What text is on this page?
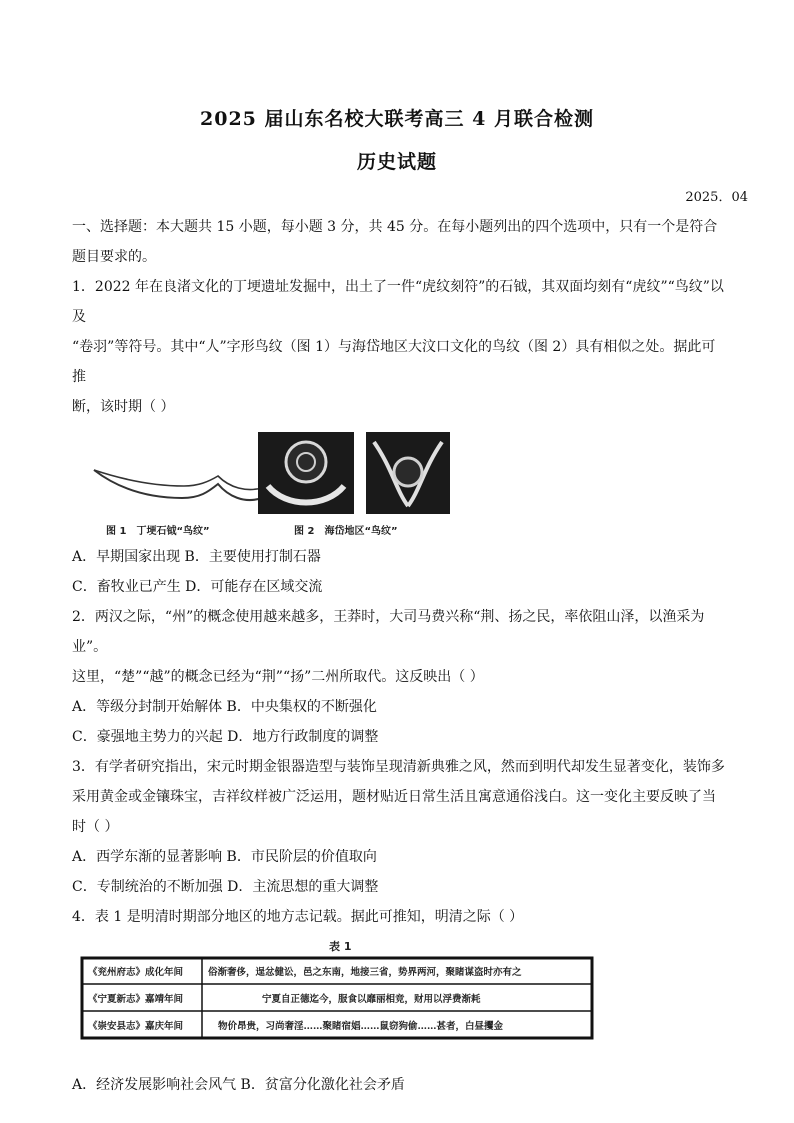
2025 届山东名校大联考高三 4 月联合检测
历史试题
2025．04

一、选择题：本大题共 15 小题，每小题 3 分，共 45 分。在每小题列出的四个选项中，只有一个是符合

题目要求的。

1．2022 年在良渚文化的丁埂遗址发掘中，出土了一件“虎纹刻符”的石钺，其双面均刻有“虎纹”“鸟纹”以及

“卷羽”等符号。其中“人”字形鸟纹（图 1）与海岱地区大汶口文化的鸟纹（图 2）具有相似之处。据此可推

断，该时期（ ）

图 1　丁埂石钺“鸟纹”	图 2　海岱地区“鸟纹”

A．早期国家出现 B．主要使用打制石器

C．畜牧业已产生 D．可能存在区域交流

2．两汉之际，“州”的概念使用越来越多，王莽时，大司马费兴称“荆、扬之民，率依阻山泽，以渔采为业”。

这里，“楚”“越”的概念已经为“荆”“扬”二州所取代。这反映出（ ）

A．等级分封制开始解体 B．中央集权的不断强化

C．豪强地主势力的兴起 D．地方行政制度的调整

3．有学者研究指出，宋元时期金银器造型与装饰呈现清新典雅之风，然而到明代却发生显著变化，装饰多

采用黄金或金镶珠宝，吉祥纹样被广泛运用，题材贴近日常生活且寓意通俗浅白。这一变化主要反映了当

时（ ）

A．西学东渐的显著影响 B．市民阶层的价值取向

C．专制统治的不断加强 D．主流思想的重大调整

4．表 1 是明清时期部分地区的地方志记载。据此可推知，明清之际（ ）

表 1
《兖州府志》成化年间	俗渐奢侈，逞忿健讼，邑之东南，地接三省，势界两河，聚睹谋盗时亦有之
《宁夏新志》嘉靖年间	宁夏自正德迄今，服食以靡丽相竞，财用以浮费渐耗
《崇安县志》嘉庆年间	物价昂贵，习尚奢淫……聚睹宿娼……鼠窃狗偷……甚者，白昼攫金

A．经济发展影响社会风气 B．贫富分化激化社会矛盾
